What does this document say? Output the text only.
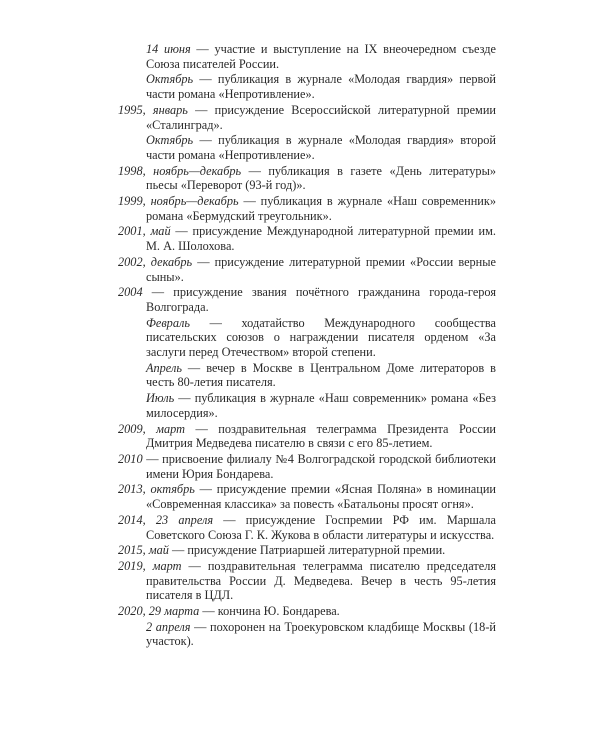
14 июня — участие и выступление на IX внеочередном съезде Союза писателей России.

Октябрь — публикация в журнале «Молодая гвардия» первой части романа «Непротивление».

1995, январь — присуждение Всероссийской литературной премии «Сталинград».

Октябрь — публикация в журнале «Молодая гвардия» второй части романа «Непротивление».

1998, ноябрь—декабрь — публикация в газете «День литературы» пьесы «Переворот (93-й год)».

1999, ноябрь—декабрь — публикация в журнале «Наш современник» романа «Бермудский треугольник».

2001, май — присуждение Международной литературной премии им. М. А. Шолохова.

2002, декабрь — присуждение литературной премии «России верные сыны».

2004 — присуждение звания почётного гражданина города-героя Волгограда.

Февраль — ходатайство Международного сообщества писательских союзов о награждении писателя орденом «За заслуги перед Отечеством» второй степени.

Апрель — вечер в Москве в Центральном Доме литераторов в честь 80-летия писателя.

Июль — публикация в журнале «Наш современник» романа «Без милосердия».

2009, март — поздравительная телеграмма Президента России Дмитрия Медведева писателю в связи с его 85-летием.

2010 — присвоение филиалу №4 Волгоградской городской библиотеки имени Юрия Бондарева.

2013, октябрь — присуждение премии «Ясная Поляна» в номинации «Современная классика» за повесть «Батальоны просят огня».

2014, 23 апреля — присуждение Госпремии РФ им. Маршала Советского Союза Г. К. Жукова в области литературы и искусства.

2015, май — присуждение Патриаршей литературной премии.

2019, март — поздравительная телеграмма писателю председателя правительства России Д. Медведева. Вечер в честь 95-летия писателя в ЦДЛ.

2020, 29 марта — кончина Ю. Бондарева.

2 апреля — похоронен на Троекуровском кладбище Москвы (18-й участок).
